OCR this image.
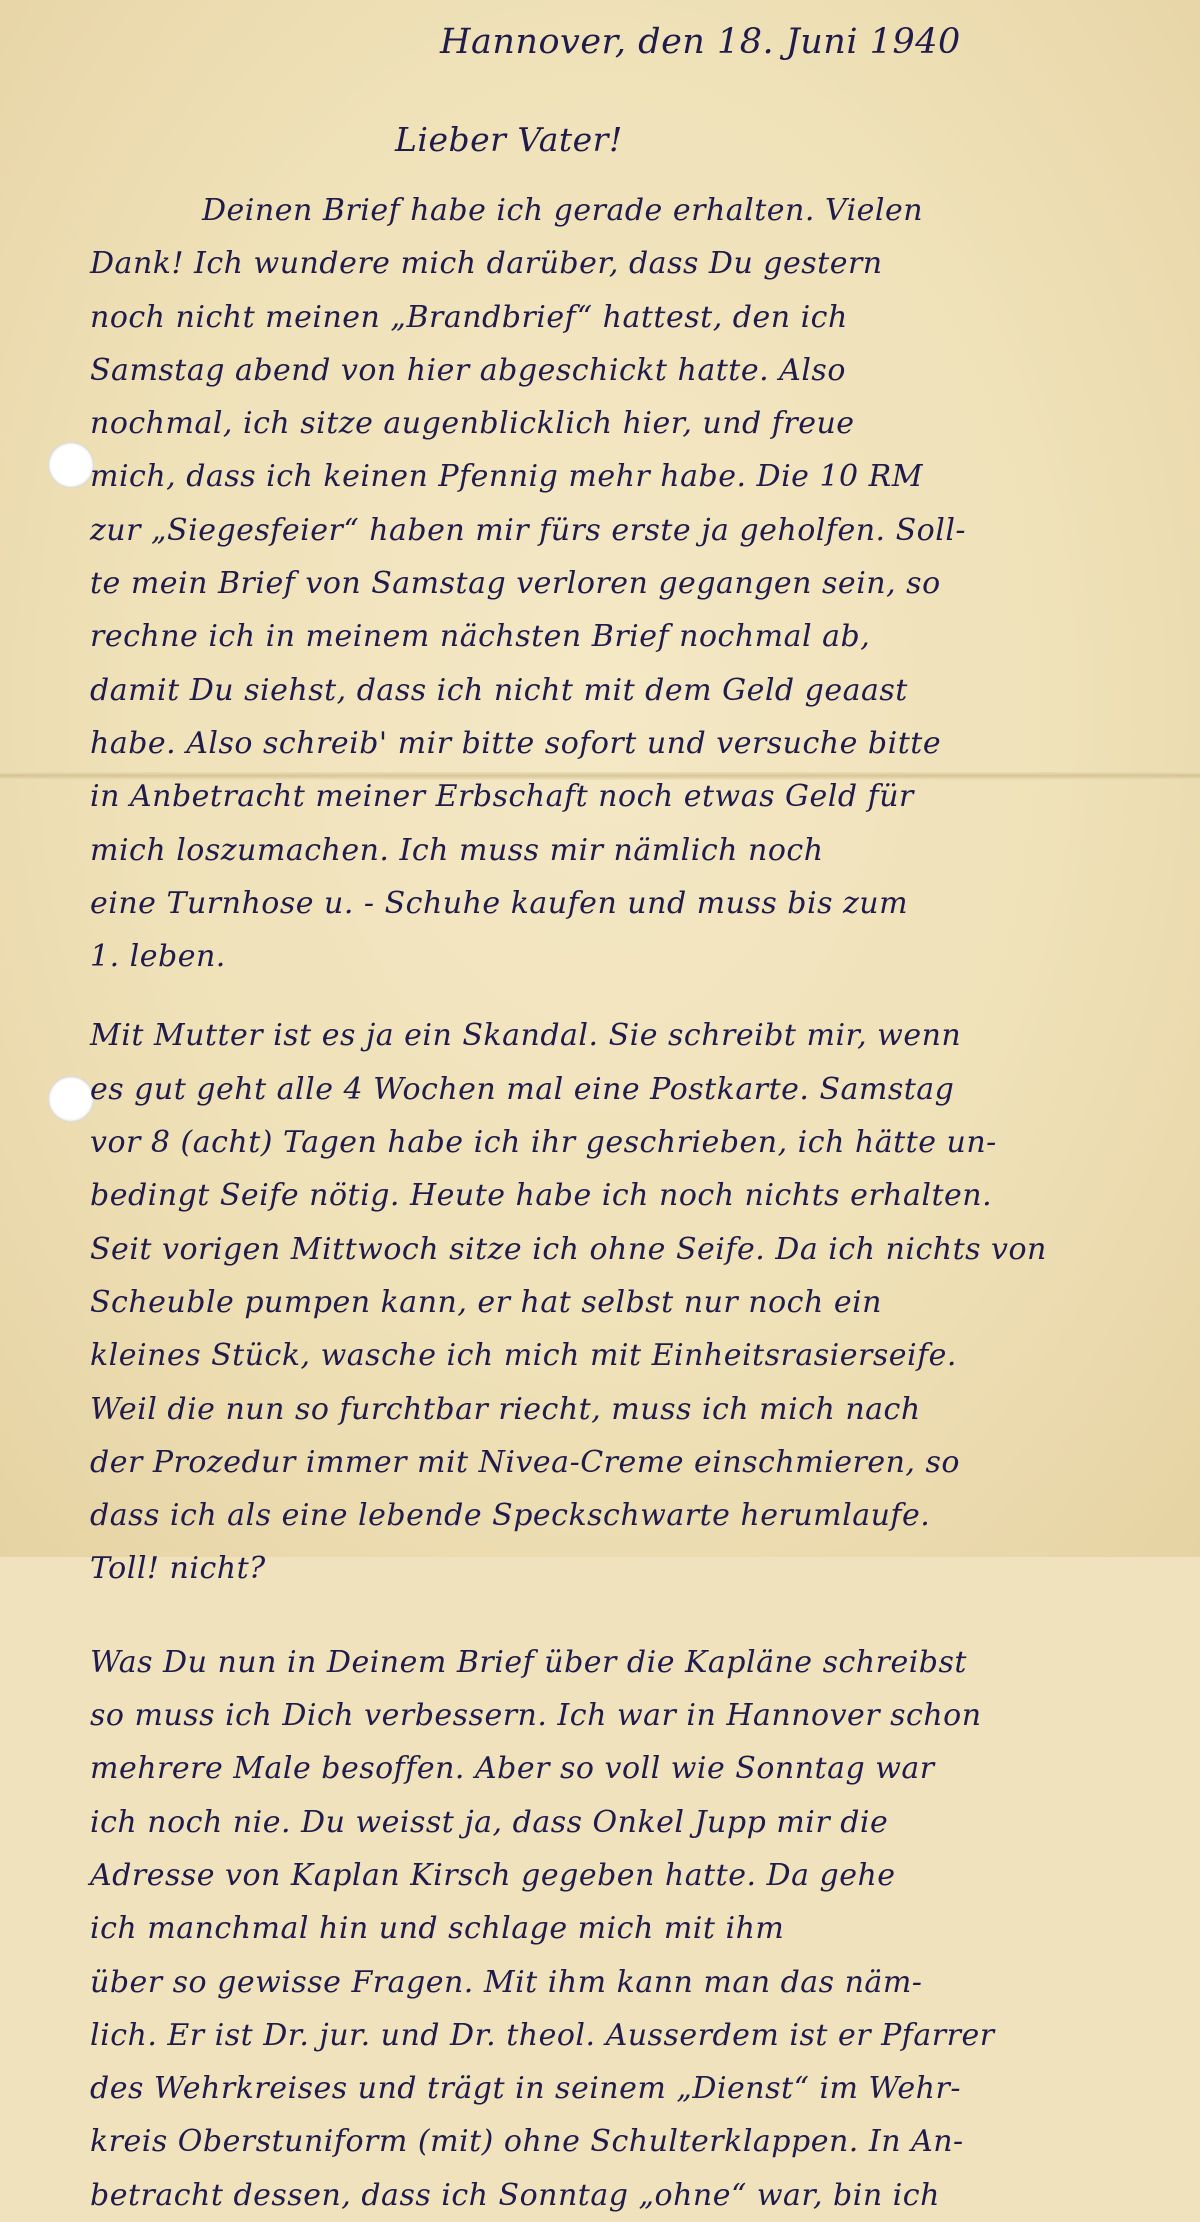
Hannover, den 18. Juni 1940
Lieber Vater!
Deinen Brief habe ich gerade erhalten. Vielen
Dank! Ich wundere mich darüber, dass Du gestern
noch nicht meinen „Brandbrief“ hattest, den ich
Samstag abend von hier abgeschickt hatte. Also
nochmal, ich sitze augenblicklich hier, und freue
mich, dass ich keinen Pfennig mehr habe. Die 10 RM
zur „Siegesfeier“ haben mir fürs erste ja geholfen. Soll-
te mein Brief von Samstag verloren gegangen sein, so
rechne ich in meinem nächsten Brief nochmal ab,
damit Du siehst, dass ich nicht mit dem Geld geaast
habe. Also schreib' mir bitte sofort und versuche bitte
in Anbetracht meiner Erbschaft noch etwas Geld für
mich loszumachen. Ich muss mir nämlich noch
eine Turnhose u. - Schuhe kaufen und muss bis zum
1. leben.
Mit Mutter ist es ja ein Skandal. Sie schreibt mir, wenn
es gut geht alle 4 Wochen mal eine Postkarte. Samstag
vor 8 (acht) Tagen habe ich ihr geschrieben, ich hätte un-
bedingt Seife nötig. Heute habe ich noch nichts erhalten.
Seit vorigen Mittwoch sitze ich ohne Seife. Da ich nichts von
Scheuble pumpen kann, er hat selbst nur noch ein
kleines Stück, wasche ich mich mit Einheitsrasierseife.
Weil die nun so furchtbar riecht, muss ich mich nach
der Prozedur immer mit Nivea-Creme einschmieren, so
dass ich als eine lebende Speckschwarte herumlaufe.
Toll! nicht?
Was Du nun in Deinem Brief über die Kapläne schreibst
so muss ich Dich verbessern. Ich war in Hannover schon
mehrere Male besoffen. Aber so voll wie Sonntag war
ich noch nie. Du weisst ja, dass Onkel Jupp mir die
Adresse von Kaplan Kirsch gegeben hatte. Da gehe
ich manchmal hin und schlage mich mit ihm
über so gewisse Fragen. Mit ihm kann man das näm-
lich. Er ist Dr. jur. und Dr. theol. Ausserdem ist er Pfarrer
des Wehrkreises und trägt in seinem „Dienst“ im Wehr-
kreis Oberstuniform (mit) ohne Schulterklappen. In An-
betracht dessen, dass ich Sonntag „ohne“ war, bin ich
